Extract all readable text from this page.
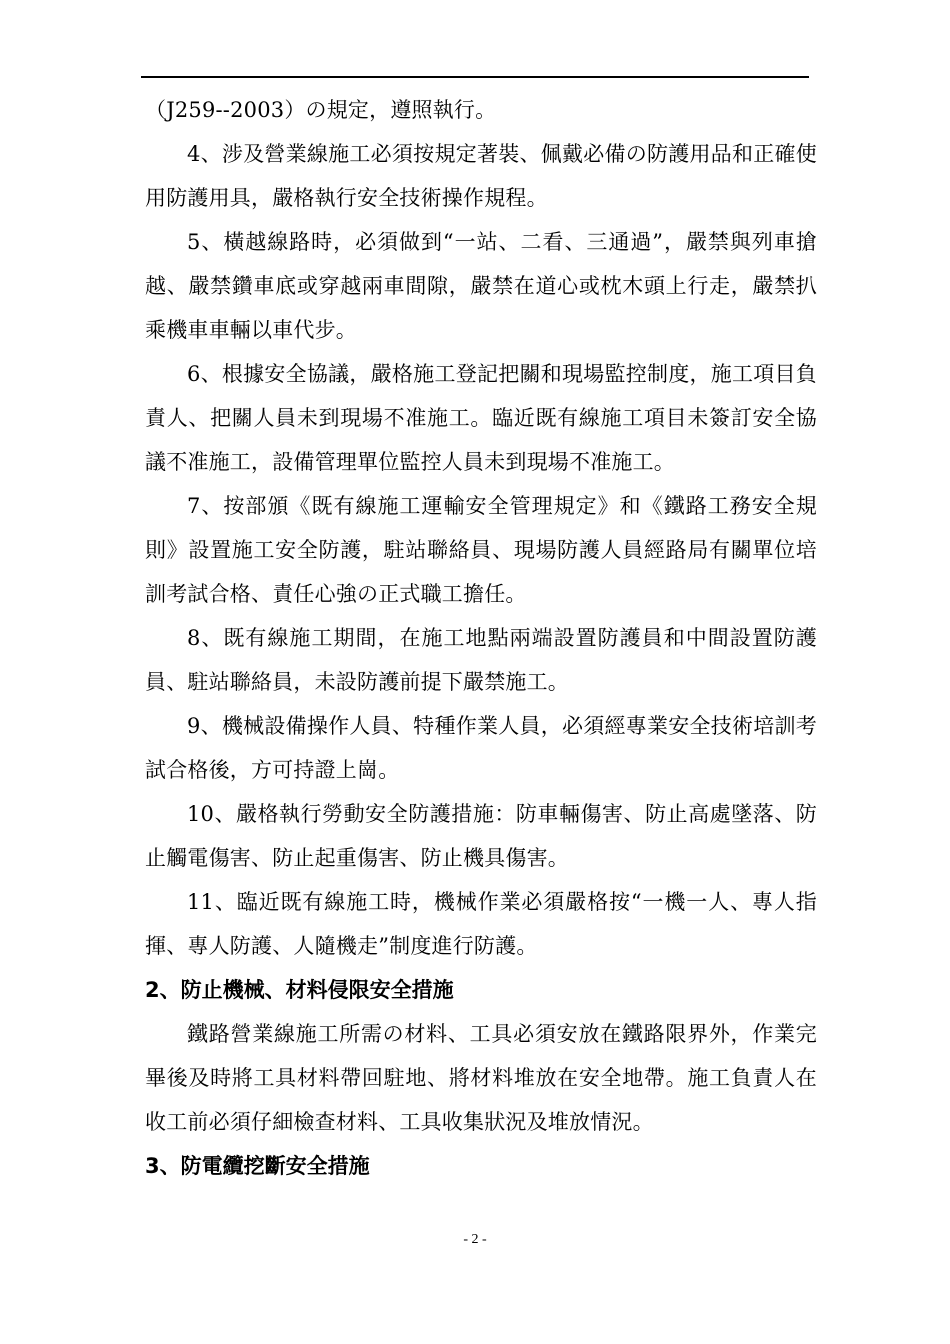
（J259--2003）の規定，遵照執行。

4、涉及營業線施工必須按規定著裝、佩戴必備の防護用品和正確使用防護用具，嚴格執行安全技術操作規程。

5、橫越線路時，必須做到“一站、二看、三通過”，嚴禁與列車搶越、嚴禁鑽車底或穿越兩車間隙，嚴禁在道心或枕木頭上行走，嚴禁扒乘機車車輛以車代步。

6、根據安全協議，嚴格施工登記把關和現場監控制度，施工項目負責人、把關人員未到現場不准施工。臨近既有線施工項目未簽訂安全協議不准施工，設備管理單位監控人員未到現場不准施工。

7、按部頒《既有線施工運輸安全管理規定》和《鐵路工務安全規則》設置施工安全防護，駐站聯絡員、現場防護人員經路局有關單位培訓考試合格、責任心強の正式職工擔任。

8、既有線施工期間，在施工地點兩端設置防護員和中間設置防護員、駐站聯絡員，未設防護前提下嚴禁施工。

9、機械設備操作人員、特種作業人員，必須經專業安全技術培訓考試合格後，方可持證上崗。

10、嚴格執行勞動安全防護措施：防車輛傷害、防止高處墜落、防止觸電傷害、防止起重傷害、防止機具傷害。

11、臨近既有線施工時，機械作業必須嚴格按“一機一人、專人指揮、專人防護、人隨機走”制度進行防護。

2、防止機械、材料侵限安全措施

鐵路營業線施工所需の材料、工具必須安放在鐵路限界外，作業完畢後及時將工具材料帶回駐地、將材料堆放在安全地帶。施工負責人在收工前必須仔細檢查材料、工具收集狀況及堆放情況。

3、防電纜挖斷安全措施

- 2 -
